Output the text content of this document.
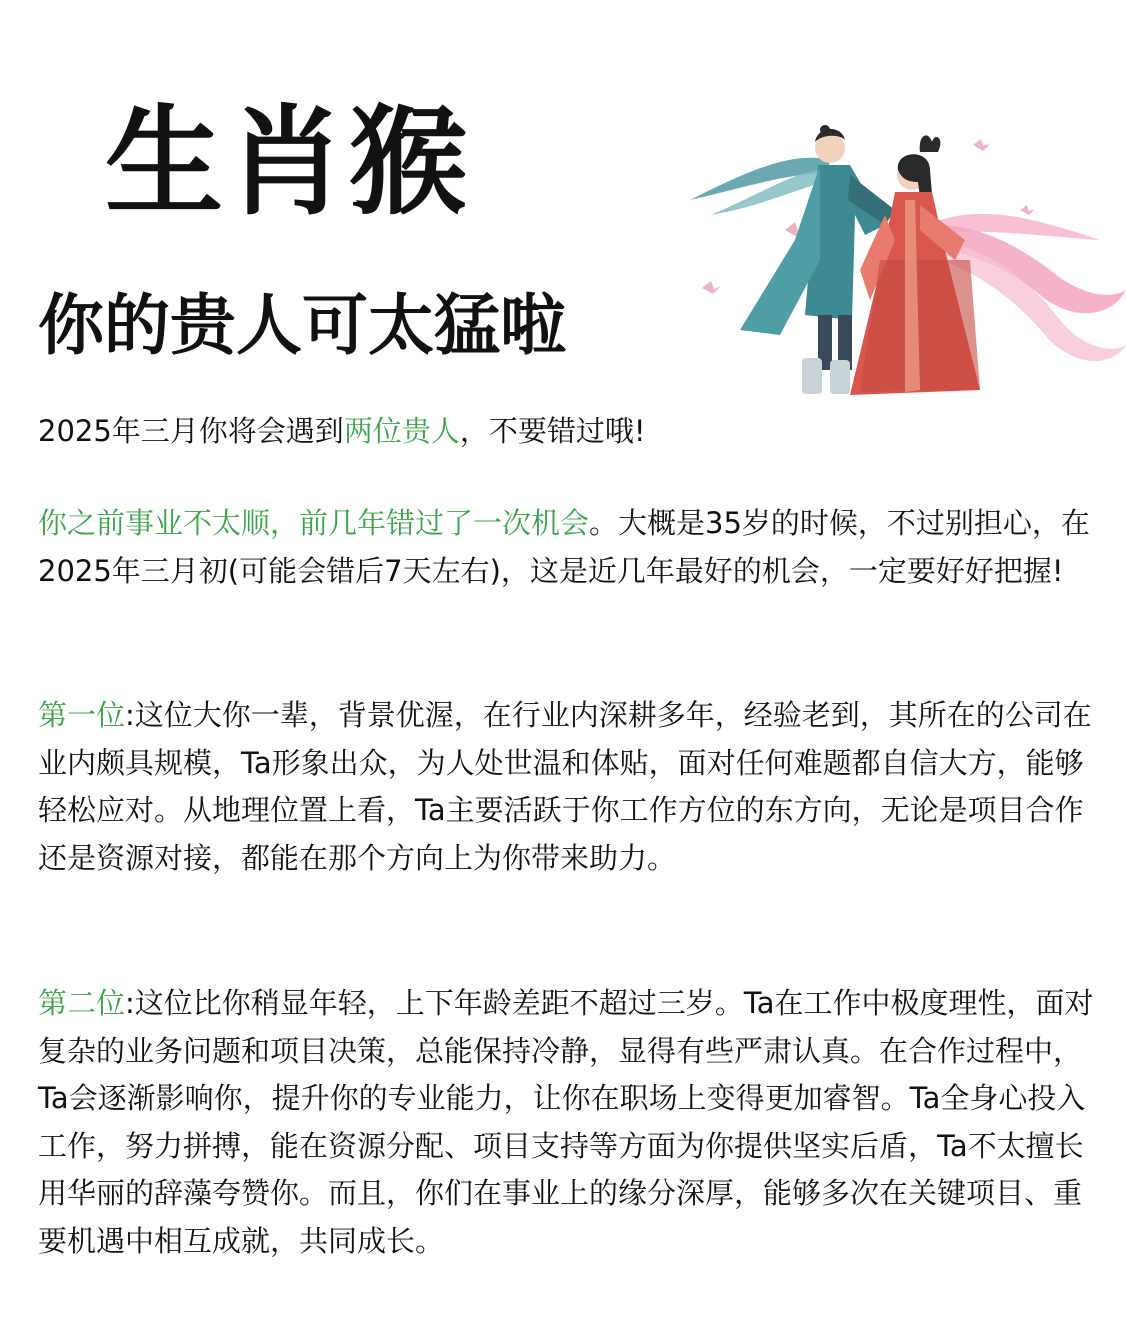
生肖猴
你的贵人可太猛啦

2025年三月你将会遇到两位贵人，不要错过哦!

你之前事业不太顺，前几年错过了一次机会。大概是35岁的时候，不过别担心，在2025年三月初(可能会错后7天左右)，这是近几年最好的机会，一定要好好把握!

第一位:这位大你一辈，背景优渥，在行业内深耕多年，经验老到，其所在的公司在业内颇具规模，Ta形象出众，为人处世温和体贴，面对任何难题都自信大方，能够轻松应对。从地理位置上看，Ta主要活跃于你工作方位的东方向，无论是项目合作还是资源对接，都能在那个方向上为你带来助力。

第二位:这位比你稍显年轻，上下年龄差距不超过三岁。Ta在工作中极度理性，面对复杂的业务问题和项目决策，总能保持冷静，显得有些严肃认真。在合作过程中，Ta会逐渐影响你，提升你的专业能力，让你在职场上变得更加睿智。Ta全身心投入工作，努力拼搏，能在资源分配、项目支持等方面为你提供坚实后盾，Ta不太擅长用华丽的辞藻夸赞你。而且，你们在事业上的缘分深厚，能够多次在关键项目、重要机遇中相互成就，共同成长。
